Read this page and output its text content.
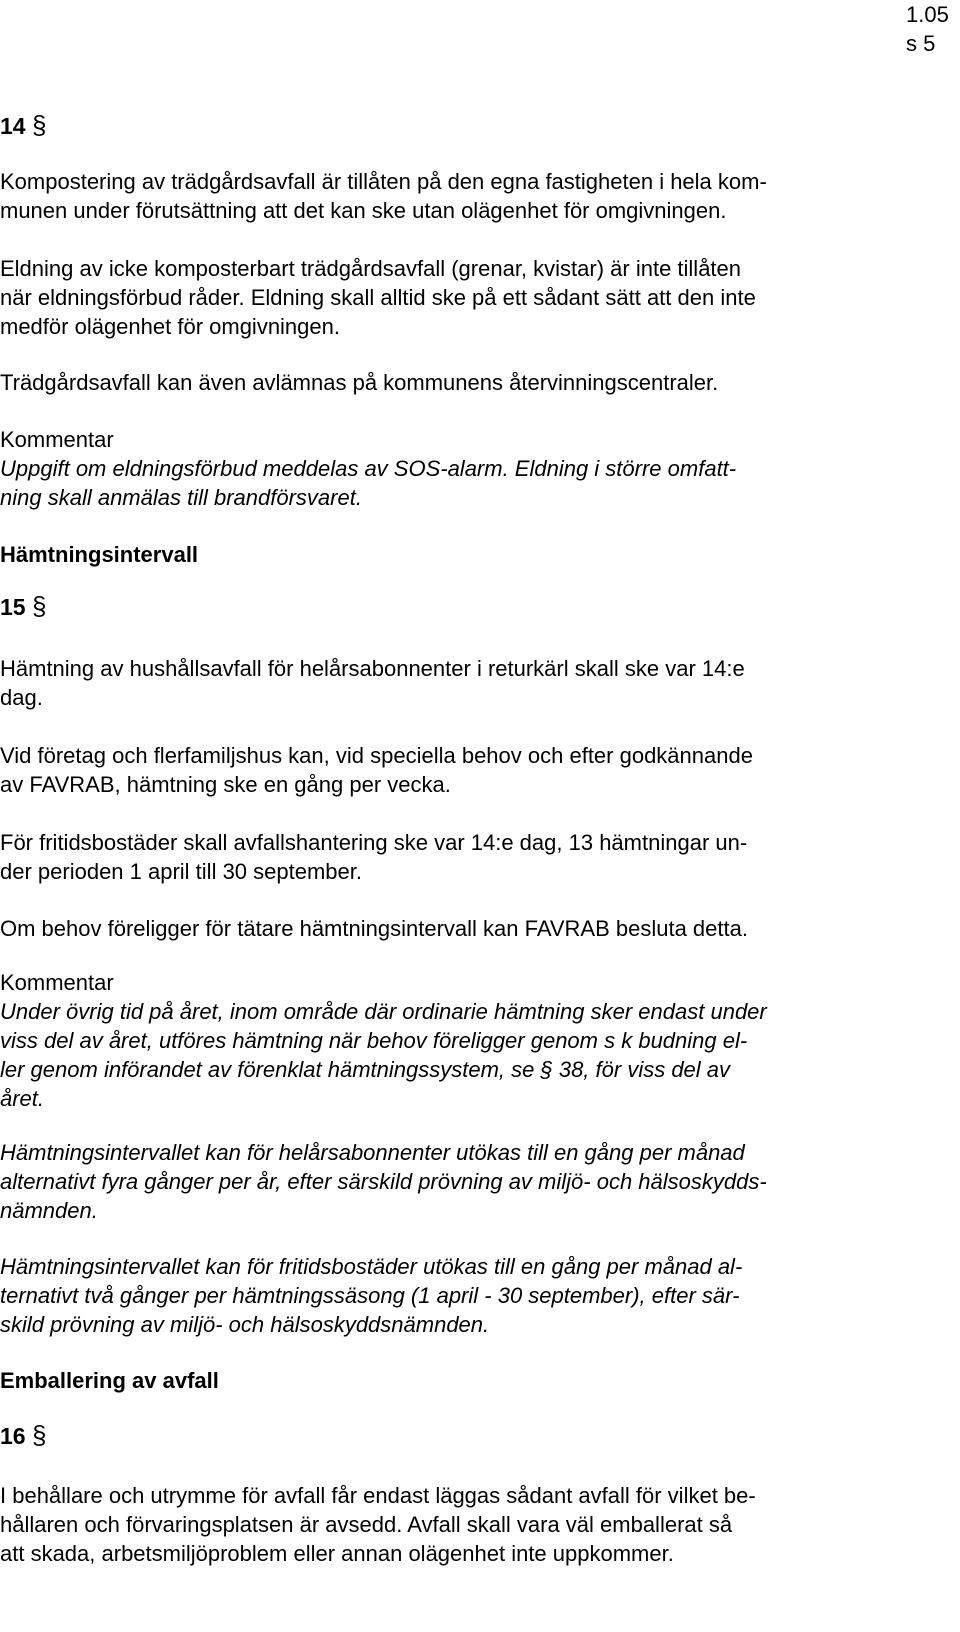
1.05
s 5
14 §
Kompostering av trädgårdsavfall är tillåten på den egna fastigheten i hela kom-
munen under förutsättning att det kan ske utan olägenhet för omgivningen.
Eldning av icke komposterbart trädgårdsavfall (grenar, kvistar) är inte tillåten
när eldningsförbud råder. Eldning skall alltid ske på ett sådant sätt att den inte
medför olägenhet för omgivningen.
Trädgårdsavfall kan även avlämnas på kommunens återvinningscentraler.
Kommentar
Uppgift om eldningsförbud meddelas av SOS-alarm. Eldning i större omfatt-
ning skall anmälas till brandförsvaret.
Hämtningsintervall
15 §
Hämtning av hushållsavfall för helårsabonnenter i returkärl skall ske var 14:e
dag.
Vid företag och flerfamiljshus kan, vid speciella behov och efter godkännande
av FAVRAB, hämtning ske en gång per vecka.
För fritidsbostäder skall avfallshantering ske var 14:e dag, 13 hämtningar un-
der perioden 1 april till 30 september.
Om behov föreligger för tätare hämtningsintervall kan FAVRAB besluta detta.
Kommentar
Under övrig tid på året, inom område där ordinarie hämtning sker endast under
viss del av året, utföres hämtning när behov föreligger genom s k budning el-
ler genom införandet av förenklat hämtningssystem, se § 38, för viss del av
året.
Hämtningsintervallet kan för helårsabonnenter utökas till en gång per månad
alternativt fyra gånger per år, efter särskild prövning av miljö- och hälsoskydds-
nämnden.
Hämtningsintervallet kan för fritidsbostäder utökas till en gång per månad al-
ternativt två gånger per hämtningssäsong (1 april - 30 september), efter sär-
skild prövning av miljö- och hälsoskyddsnämnden.
Emballering av avfall
16 §
I behållare och utrymme för avfall får endast läggas sådant avfall för vilket be-
hållaren och förvaringsplatsen är avsedd. Avfall skall vara väl emballerat så
att skada, arbetsmiljöproblem eller annan olägenhet inte uppkommer.
